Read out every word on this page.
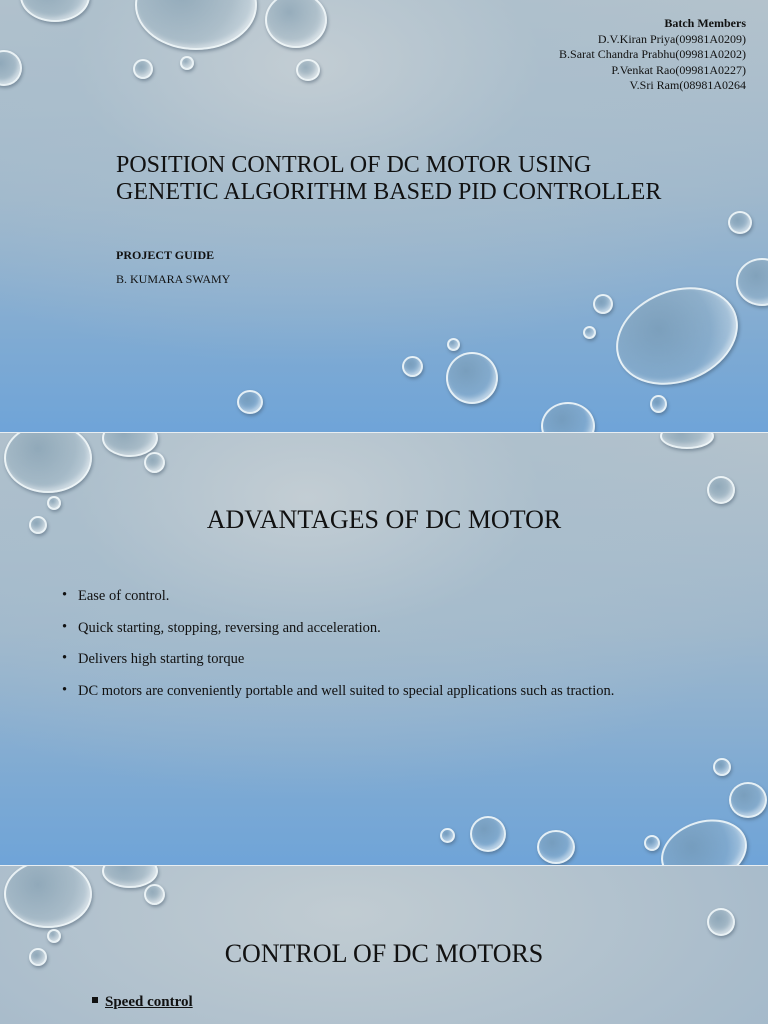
Batch Members
D.V.Kiran Priya(09981A0209)
B.Sarat Chandra Prabhu(09981A0202)
P.Venkat Rao(09981A0227)
V.Sri Ram(08981A0264
POSITION CONTROL OF DC MOTOR USING GENETIC ALGORITHM BASED PID CONTROLLER
PROJECT GUIDE
B. KUMARA SWAMY
ADVANTAGES OF DC MOTOR
• Ease of control.
• Quick starting, stopping, reversing and acceleration.
• Delivers high starting torque
• DC motors are conveniently portable and well suited to special applications such as traction.
CONTROL OF DC MOTORS
Speed control
